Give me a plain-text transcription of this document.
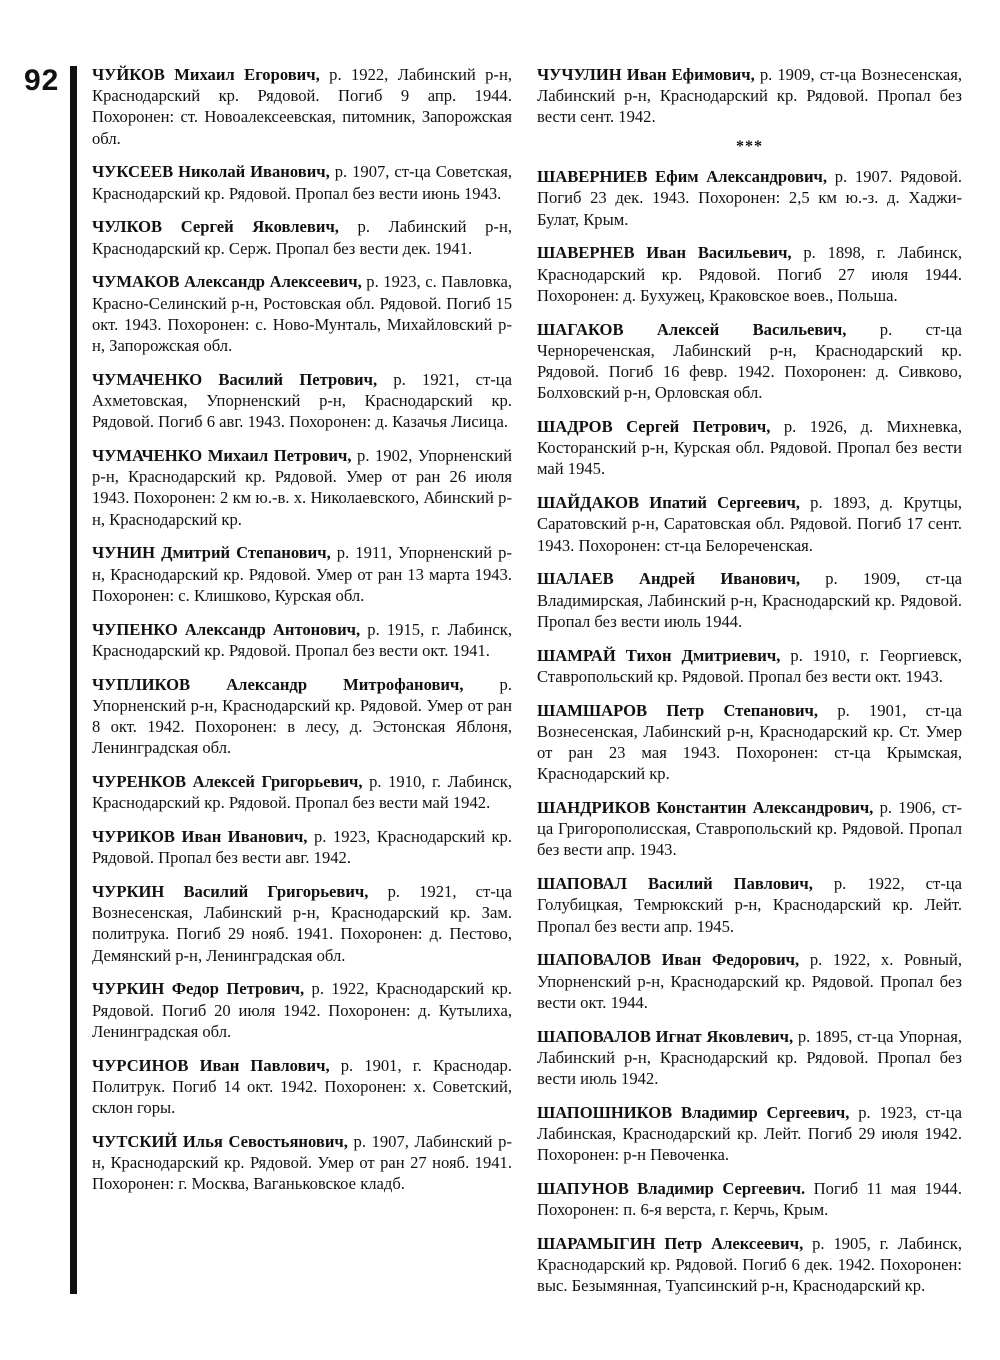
92 ЧУЙКОВ Михаил Егорович, р. 1922, Лабинский р-н, Краснодарский кр. Рядовой. Погиб 9 апр. 1944. Похоронен: ст. Новоалексеевская, питомник, Запорожская обл.

ЧУКСЕЕВ Николай Иванович, р. 1907, ст-ца Советская, Краснодарский кр. Рядовой. Пропал без вести июнь 1943.

ЧУЛКОВ Сергей Яковлевич, р. Лабинский р-н, Краснодарский кр. Серж. Пропал без вести дек. 1941.

ЧУМАКОВ Александр Алексеевич, р. 1923, с. Павловка, Красно-Селинский р-н, Ростовская обл. Рядовой. Погиб 15 окт. 1943. Похоронен: с. Ново-Мунталь, Михайловский р-н, Запорожская обл.

ЧУМАЧЕНКО Василий Петрович, р. 1921, ст-ца Ахметовская, Упорненский р-н, Краснодарский кр. Рядовой. Погиб 6 авг. 1943. Похоронен: д. Казачья Лисица.

ЧУМАЧЕНКО Михаил Петрович, р. 1902, Упорненский р-н, Краснодарский кр. Рядовой. Умер от ран 26 июля 1943. Похоронен: 2 км ю.-в. х. Николаевского, Абинский р-н, Краснодарский кр.

ЧУНИН Дмитрий Степанович, р. 1911, Упорненский р-н, Краснодарский кр. Рядовой. Умер от ран 13 марта 1943. Похоронен: с. Клишково, Курская обл.

ЧУПЕНКО Александр Антонович, р. 1915, г. Лабинск, Краснодарский кр. Рядовой. Пропал без вести окт. 1941.

ЧУПЛИКОВ Александр Митрофанович, р. Упорненский р-н, Краснодарский кр. Рядовой. Умер от ран 8 окт. 1942. Похоронен: в лесу, д. Эстонская Яблоня, Ленинградская обл.

ЧУРЕНКОВ Алексей Григорьевич, р. 1910, г. Лабинск, Краснодарский кр. Рядовой. Пропал без вести май 1942.

ЧУРИКОВ Иван Иванович, р. 1923, Краснодарский кр. Рядовой. Пропал без вести авг. 1942.

ЧУРКИН Василий Григорьевич, р. 1921, ст-ца Вознесенская, Лабинский р-н, Краснодарский кр. Зам. политрука. Погиб 29 нояб. 1941. Похоронен: д. Пестово, Демянский р-н, Ленинградская обл.

ЧУРКИН Федор Петрович, р. 1922, Краснодарский кр. Рядовой. Погиб 20 июля 1942. Похоронен: д. Кутылиха, Ленинградская обл.

ЧУРСИНОВ Иван Павлович, р. 1901, г. Краснодар. Политрук. Погиб 14 окт. 1942. Похоронен: х. Советский, склон горы.

ЧУТСКИЙ Илья Севостьянович, р. 1907, Лабинский р-н, Краснодарский кр. Рядовой. Умер от ран 27 нояб. 1941. Похоронен: г. Москва, Ваганьковское кладб.

ЧУЧУЛИН Иван Ефимович, р. 1909, ст-ца Вознесенская, Лабинский р-н, Краснодарский кр. Рядовой. Пропал без вести сент. 1942.

***

ШАВЕРНИЕВ Ефим Александрович, р. 1907. Рядовой. Погиб 23 дек. 1943. Похоронен: 2,5 км ю.-з. д. Хаджи-Булат, Крым.

ШАВЕРНЕВ Иван Васильевич, р. 1898, г. Лабинск, Краснодарский кр. Рядовой. Погиб 27 июля 1944. Похоронен: д. Бухужец, Краковское воев., Польша.

ШАГАКОВ Алексей Васильевич, р. ст-ца Чернореченская, Лабинский р-н, Краснодарский кр. Рядовой. Погиб 16 февр. 1942. Похоронен: д. Сивково, Болховский р-н, Орловская обл.

ШАДРОВ Сергей Петрович, р. 1926, д. Михневка, Косторанский р-н, Курская обл. Рядовой. Пропал без вести май 1945.

ШАЙДАКОВ Ипатий Сергеевич, р. 1893, д. Крутцы, Саратовский р-н, Саратовская обл. Рядовой. Погиб 17 сент. 1943. Похоронен: ст-ца Белореченская.

ШАЛАЕВ Андрей Иванович, р. 1909, ст-ца Владимирская, Лабинский р-н, Краснодарский кр. Рядовой. Пропал без вести июль 1944.

ШАМРАЙ Тихон Дмитриевич, р. 1910, г. Георгиевск, Ставропольский кр. Рядовой. Пропал без вести окт. 1943.

ШАМШАРОВ Петр Степанович, р. 1901, ст-ца Вознесенская, Лабинский р-н, Краснодарский кр. Ст. Умер от ран 23 мая 1943. Похоронен: ст-ца Крымская, Краснодарский кр.

ШАНДРИКОВ Константин Александрович, р. 1906, ст-ца Григорополисская, Ставропольский кр. Рядовой. Пропал без вести апр. 1943.

ШАПОВАЛ Василий Павлович, р. 1922, ст-ца Голубицкая, Темрюкский р-н, Краснодарский кр. Лейт. Пропал без вести апр. 1945.

ШАПОВАЛОВ Иван Федорович, р. 1922, х. Ровный, Упорненский р-н, Краснодарский кр. Рядовой. Пропал без вести окт. 1944.

ШАПОВАЛОВ Игнат Яковлевич, р. 1895, ст-ца Упорная, Лабинский р-н, Краснодарский кр. Рядовой. Пропал без вести июль 1942.

ШАПОШНИКОВ Владимир Сергеевич, р. 1923, ст-ца Лабинская, Краснодарский кр. Лейт. Погиб 29 июля 1942. Похоронен: р-н Певоченка.

ШАПУНОВ Владимир Сергеевич. Погиб 11 мая 1944. Похоронен: п. 6-я верста, г. Керчь, Крым.

ШАРАМЫГИН Петр Алексеевич, р. 1905, г. Лабинск, Краснодарский кр. Рядовой. Погиб 6 дек. 1942. Похоронен: выс. Безымянная, Туапсинский р-н, Краснодарский кр.
